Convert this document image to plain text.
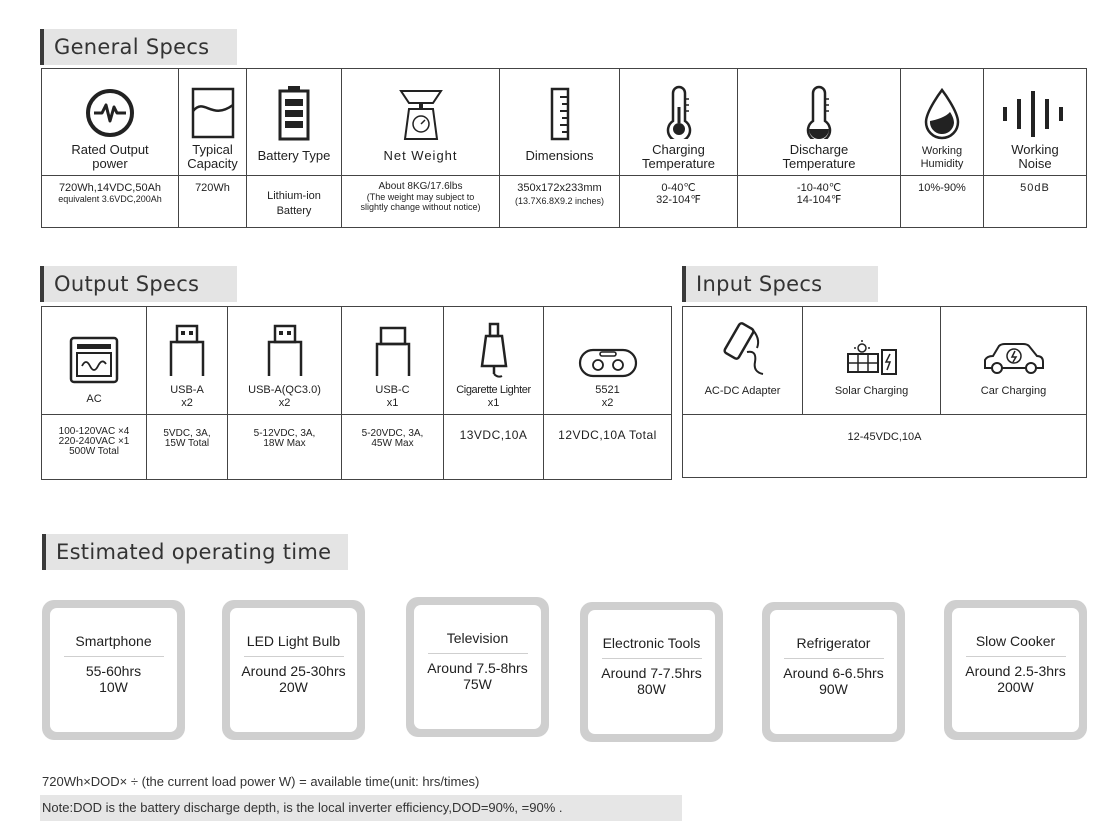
General Specs
Rated Output power
720Wh,14VDC,50Ah
equivalent 3.6VDC,200Ah
Typical
Capacity
720Wh
Battery Type
Lithium-ion
Battery
Net Weight
About 8KG/17.6lbs
(The weight may subject to
slightly change without notice)
Dimensions
350x172x233mm
(13.7X6.8X9.2 inches)
Charging
Temperature
0-40℃
32-104℉
Discharge
Temperature
-10-40℃
14-104℉
Working
Humidity
10%-90%
Working
Noise
50dB
Output Specs
AC
100-120VAC ×4
220-240VAC ×1
500W Total
USB-A
x2
5VDC, 3A,
15W Total
USB-A(QC3.0)
x2
5-12VDC, 3A,
18W Max
USB-C
x1
5-20VDC, 3A,
45W Max
Cigarette Lighter
x1
13VDC,10A
5521
x2
12VDC,10A Total
Input Specs
AC-DC Adapter	Solar Charging	Car Charging
12-45VDC,10A
Estimated operating time
Smartphone
55-60hrs
10W
LED Light Bulb
Around 25-30hrs
20W
Television
Around 7.5-8hrs
75W
Electronic Tools
Around 7-7.5hrs
80W
Refrigerator
Around 6-6.5hrs
90W
Slow Cooker
Around 2.5-3hrs
200W
720Wh×DOD× ÷ (the current load power W) = available time(unit: hrs/times)
Note:DOD is the battery discharge depth, is the local inverter efficiency,DOD=90%, =90% .
